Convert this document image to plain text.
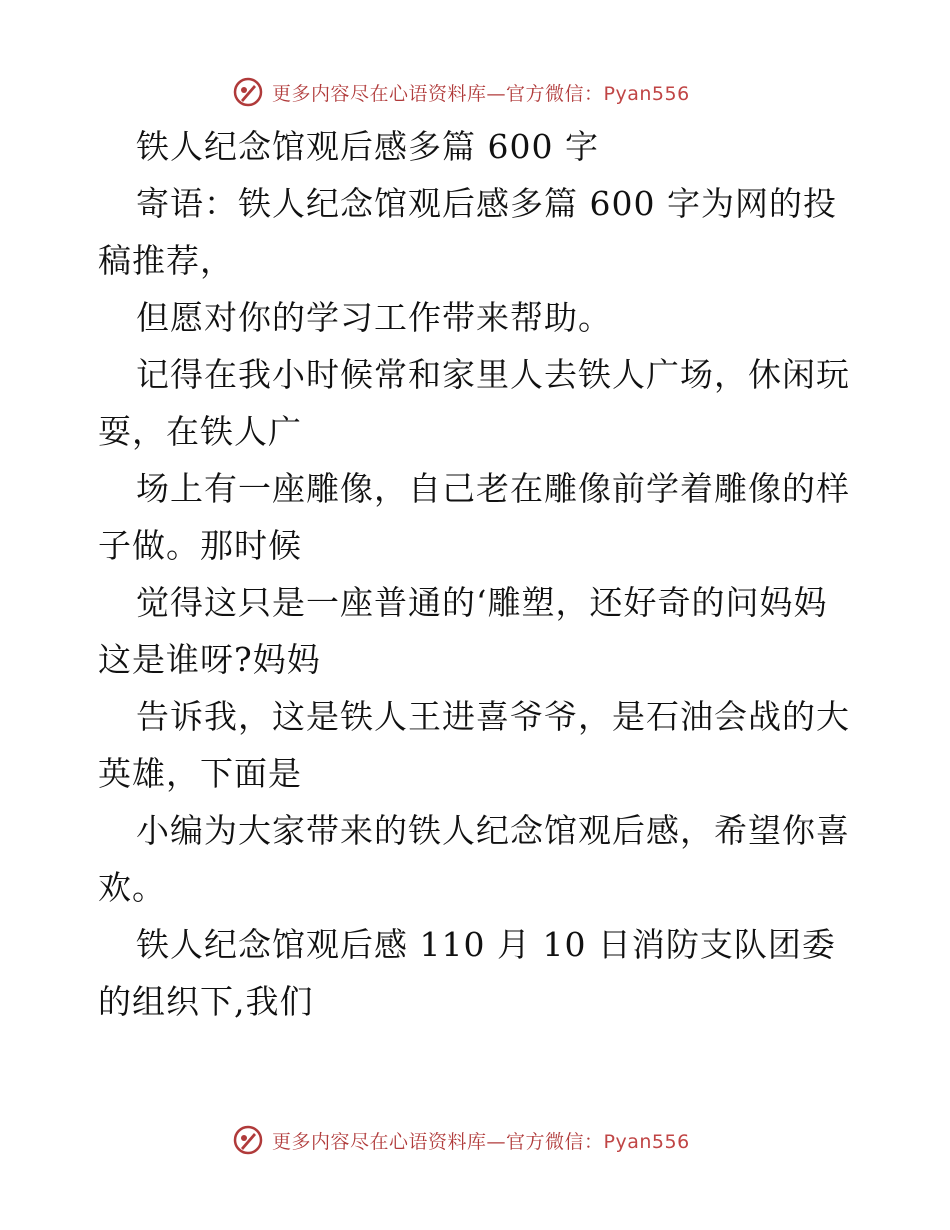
更多内容尽在心语资料库—官方微信：Pyan556

铁人纪念馆观后感多篇 600 字

寄语：铁人纪念馆观后感多篇 600 字为网的投稿推荐，

但愿对你的学习工作带来帮助。

记得在我小时候常和家里人去铁人广场，休闲玩耍，在铁人广

场上有一座雕像，自己老在雕像前学着雕像的样子做。那时候

觉得这只是一座普通的‘雕塑，还好奇的问妈妈这是谁呀?妈妈

告诉我，这是铁人王进喜爷爷，是石油会战的大英雄，下面是

小编为大家带来的铁人纪念馆观后感，希望你喜欢。

铁人纪念馆观后感 110 月 10 日消防支队团委的组织下,我们

更多内容尽在心语资料库—官方微信：Pyan556
